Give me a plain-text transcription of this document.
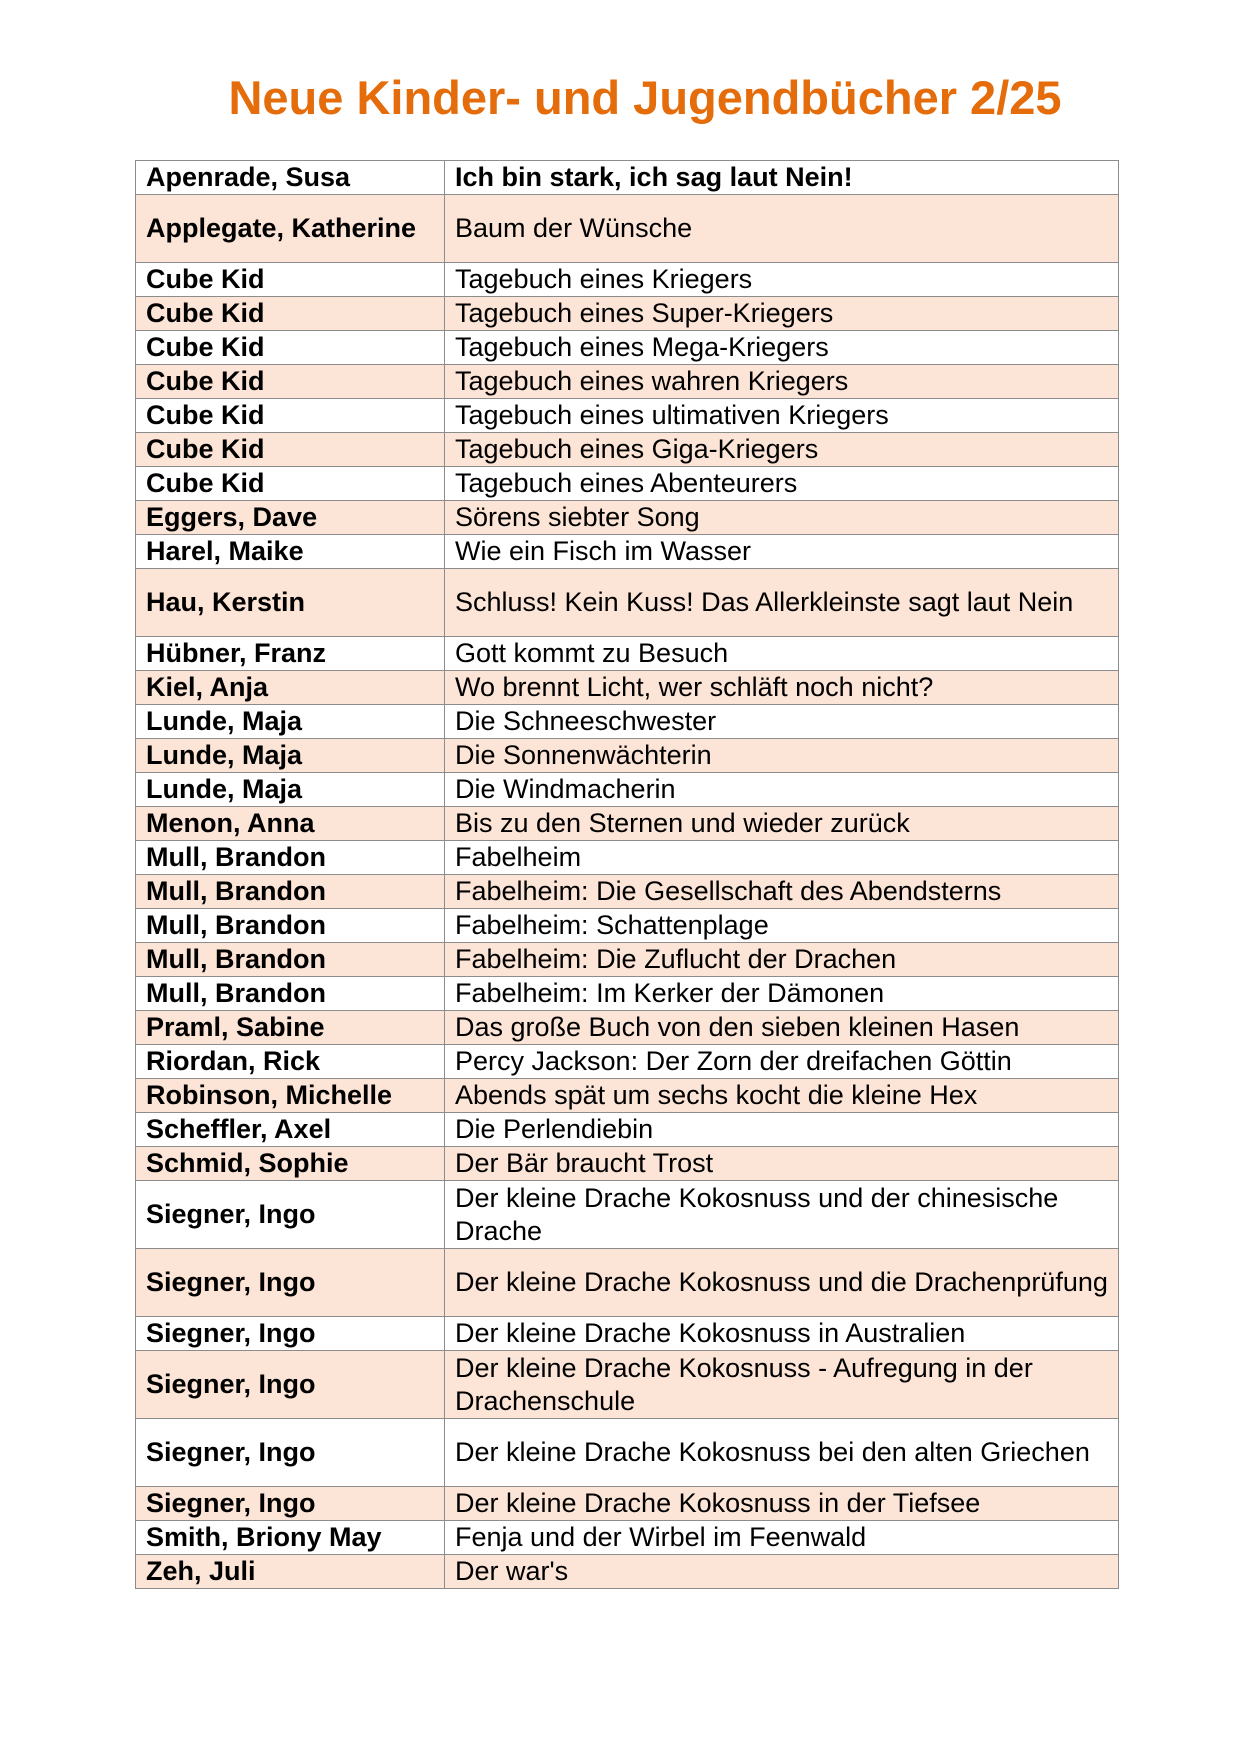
Neue Kinder- und Jugendbücher 2/25
Apenrade, Susa	Ich bin stark, ich sag laut Nein!
Applegate, Katherine	Baum der Wünsche
Cube Kid	Tagebuch eines Kriegers
Cube Kid	Tagebuch eines Super-Kriegers
Cube Kid	Tagebuch eines Mega-Kriegers
Cube Kid	Tagebuch eines wahren Kriegers
Cube Kid	Tagebuch eines ultimativen Kriegers
Cube Kid	Tagebuch eines Giga-Kriegers
Cube Kid	Tagebuch eines Abenteurers
Eggers, Dave	Sörens siebter Song
Harel, Maike	Wie ein Fisch im Wasser
Hau, Kerstin	Schluss! Kein Kuss! Das Allerkleinste sagt laut Nein
Hübner, Franz	Gott kommt zu Besuch
Kiel, Anja	Wo brennt Licht, wer schläft noch nicht?
Lunde, Maja	Die Schneeschwester
Lunde, Maja	Die Sonnenwächterin
Lunde, Maja	Die Windmacherin
Menon, Anna	Bis zu den Sternen und wieder zurück
Mull, Brandon	Fabelheim
Mull, Brandon	Fabelheim: Die Gesellschaft des Abendsterns
Mull, Brandon	Fabelheim: Schattenplage
Mull, Brandon	Fabelheim: Die Zuflucht der Drachen
Mull, Brandon	Fabelheim: Im Kerker der Dämonen
Praml, Sabine	Das große Buch von den sieben kleinen Hasen
Riordan, Rick	Percy Jackson: Der Zorn der dreifachen Göttin
Robinson, Michelle	Abends spät um sechs kocht die kleine Hex
Scheffler, Axel	Die Perlendiebin
Schmid, Sophie	Der Bär braucht Trost
Siegner, Ingo	Der kleine Drache Kokosnuss und der chinesische Drache
Siegner, Ingo	Der kleine Drache Kokosnuss und die Drachenprüfung
Siegner, Ingo	Der kleine Drache Kokosnuss in Australien
Siegner, Ingo	Der kleine Drache Kokosnuss - Aufregung in der Drachenschule
Siegner, Ingo	Der kleine Drache Kokosnuss bei den alten Griechen
Siegner, Ingo	Der kleine Drache Kokosnuss in der Tiefsee
Smith, Briony May	Fenja und der Wirbel im Feenwald
Zeh, Juli	Der war's
